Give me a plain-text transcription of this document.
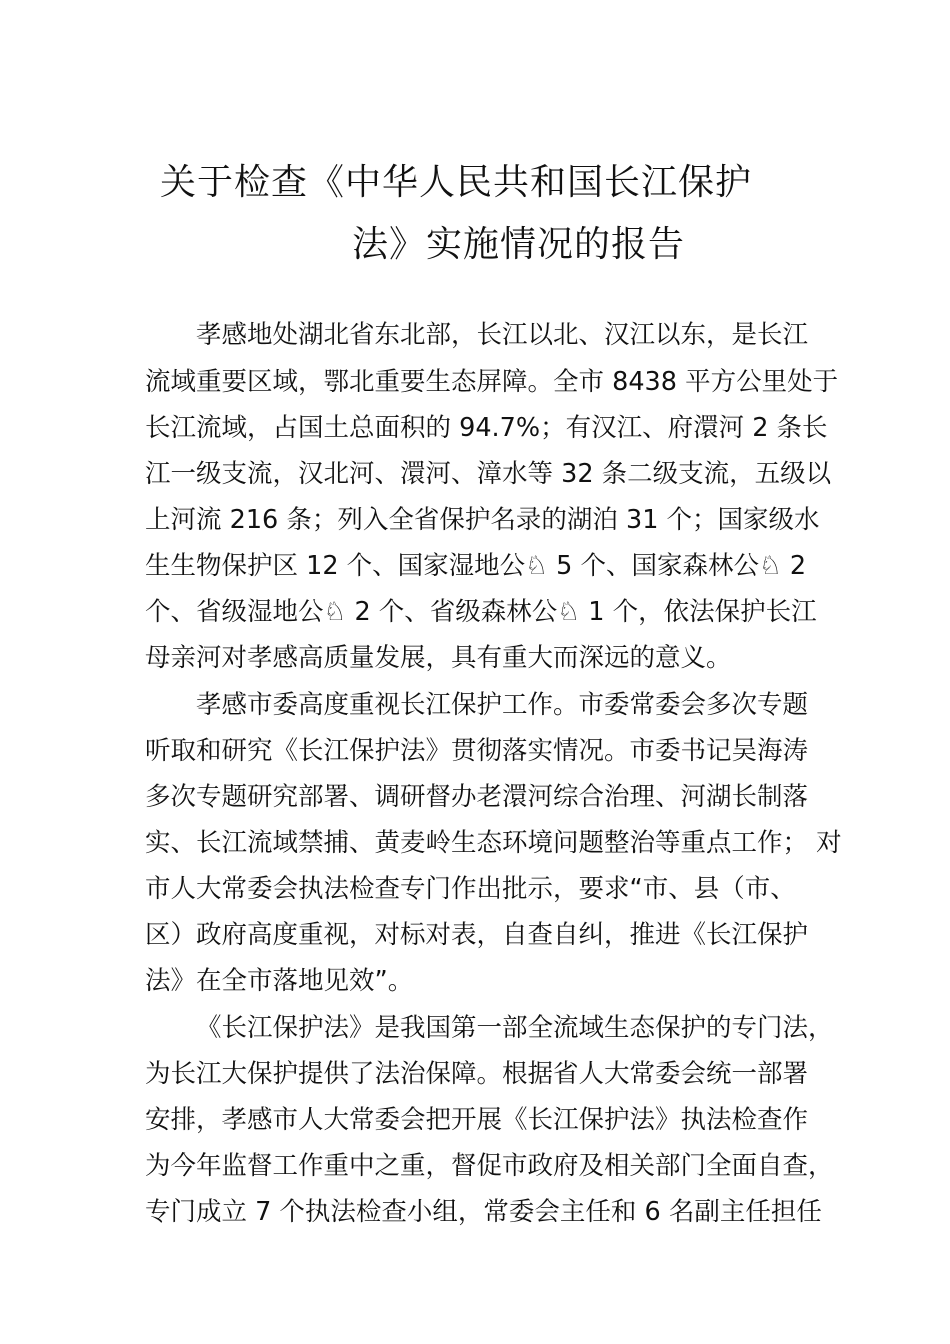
关于检查《中华人民共和国长江保护
法》实施情况的报告
孝感地处湖北省东北部，长江以北、汉江以东，是长江
流域重要区域，鄂北重要生态屏障。全市 8438 平方公里处于
长江流域，占国土总面积的 94.7%；有汉江、府澴河 2 条长
江一级支流，汉北河、澴河、漳水等 32 条二级支流，五级以
上河流 216 条；列入全省保护名录的湖泊 31 个；国家级水
生生物保护区 12 个、国家湿地公♘ 5 个、国家森林公♘ 2
个、省级湿地公♘ 2 个、省级森林公♘ 1 个，依法保护长江
母亲河对孝感高质量发展，具有重大而深远的意义。
孝感市委高度重视长江保护工作。市委常委会多次专题
听取和研究《长江保护法》贯彻落实情况。市委书记吴海涛
多次专题研究部署、调研督办老澴河综合治理、河湖长制落
实、长江流域禁捕、黄麦岭生态环境问题整治等重点工作； 对
市人大常委会执法检查专门作出批示，要求“市、县（市、
区）政府高度重视，对标对表，自查自纠，推进《长江保护
法》在全市落地见效”。
《长江保护法》是我国第一部全流域生态保护的专门法，
为长江大保护提供了法治保障。根据省人大常委会统一部署
安排，孝感市人大常委会把开展《长江保护法》执法检查作
为今年监督工作重中之重，督促市政府及相关部门全面自查，
专门成立 7 个执法检查小组，常委会主任和 6 名副主任担任
